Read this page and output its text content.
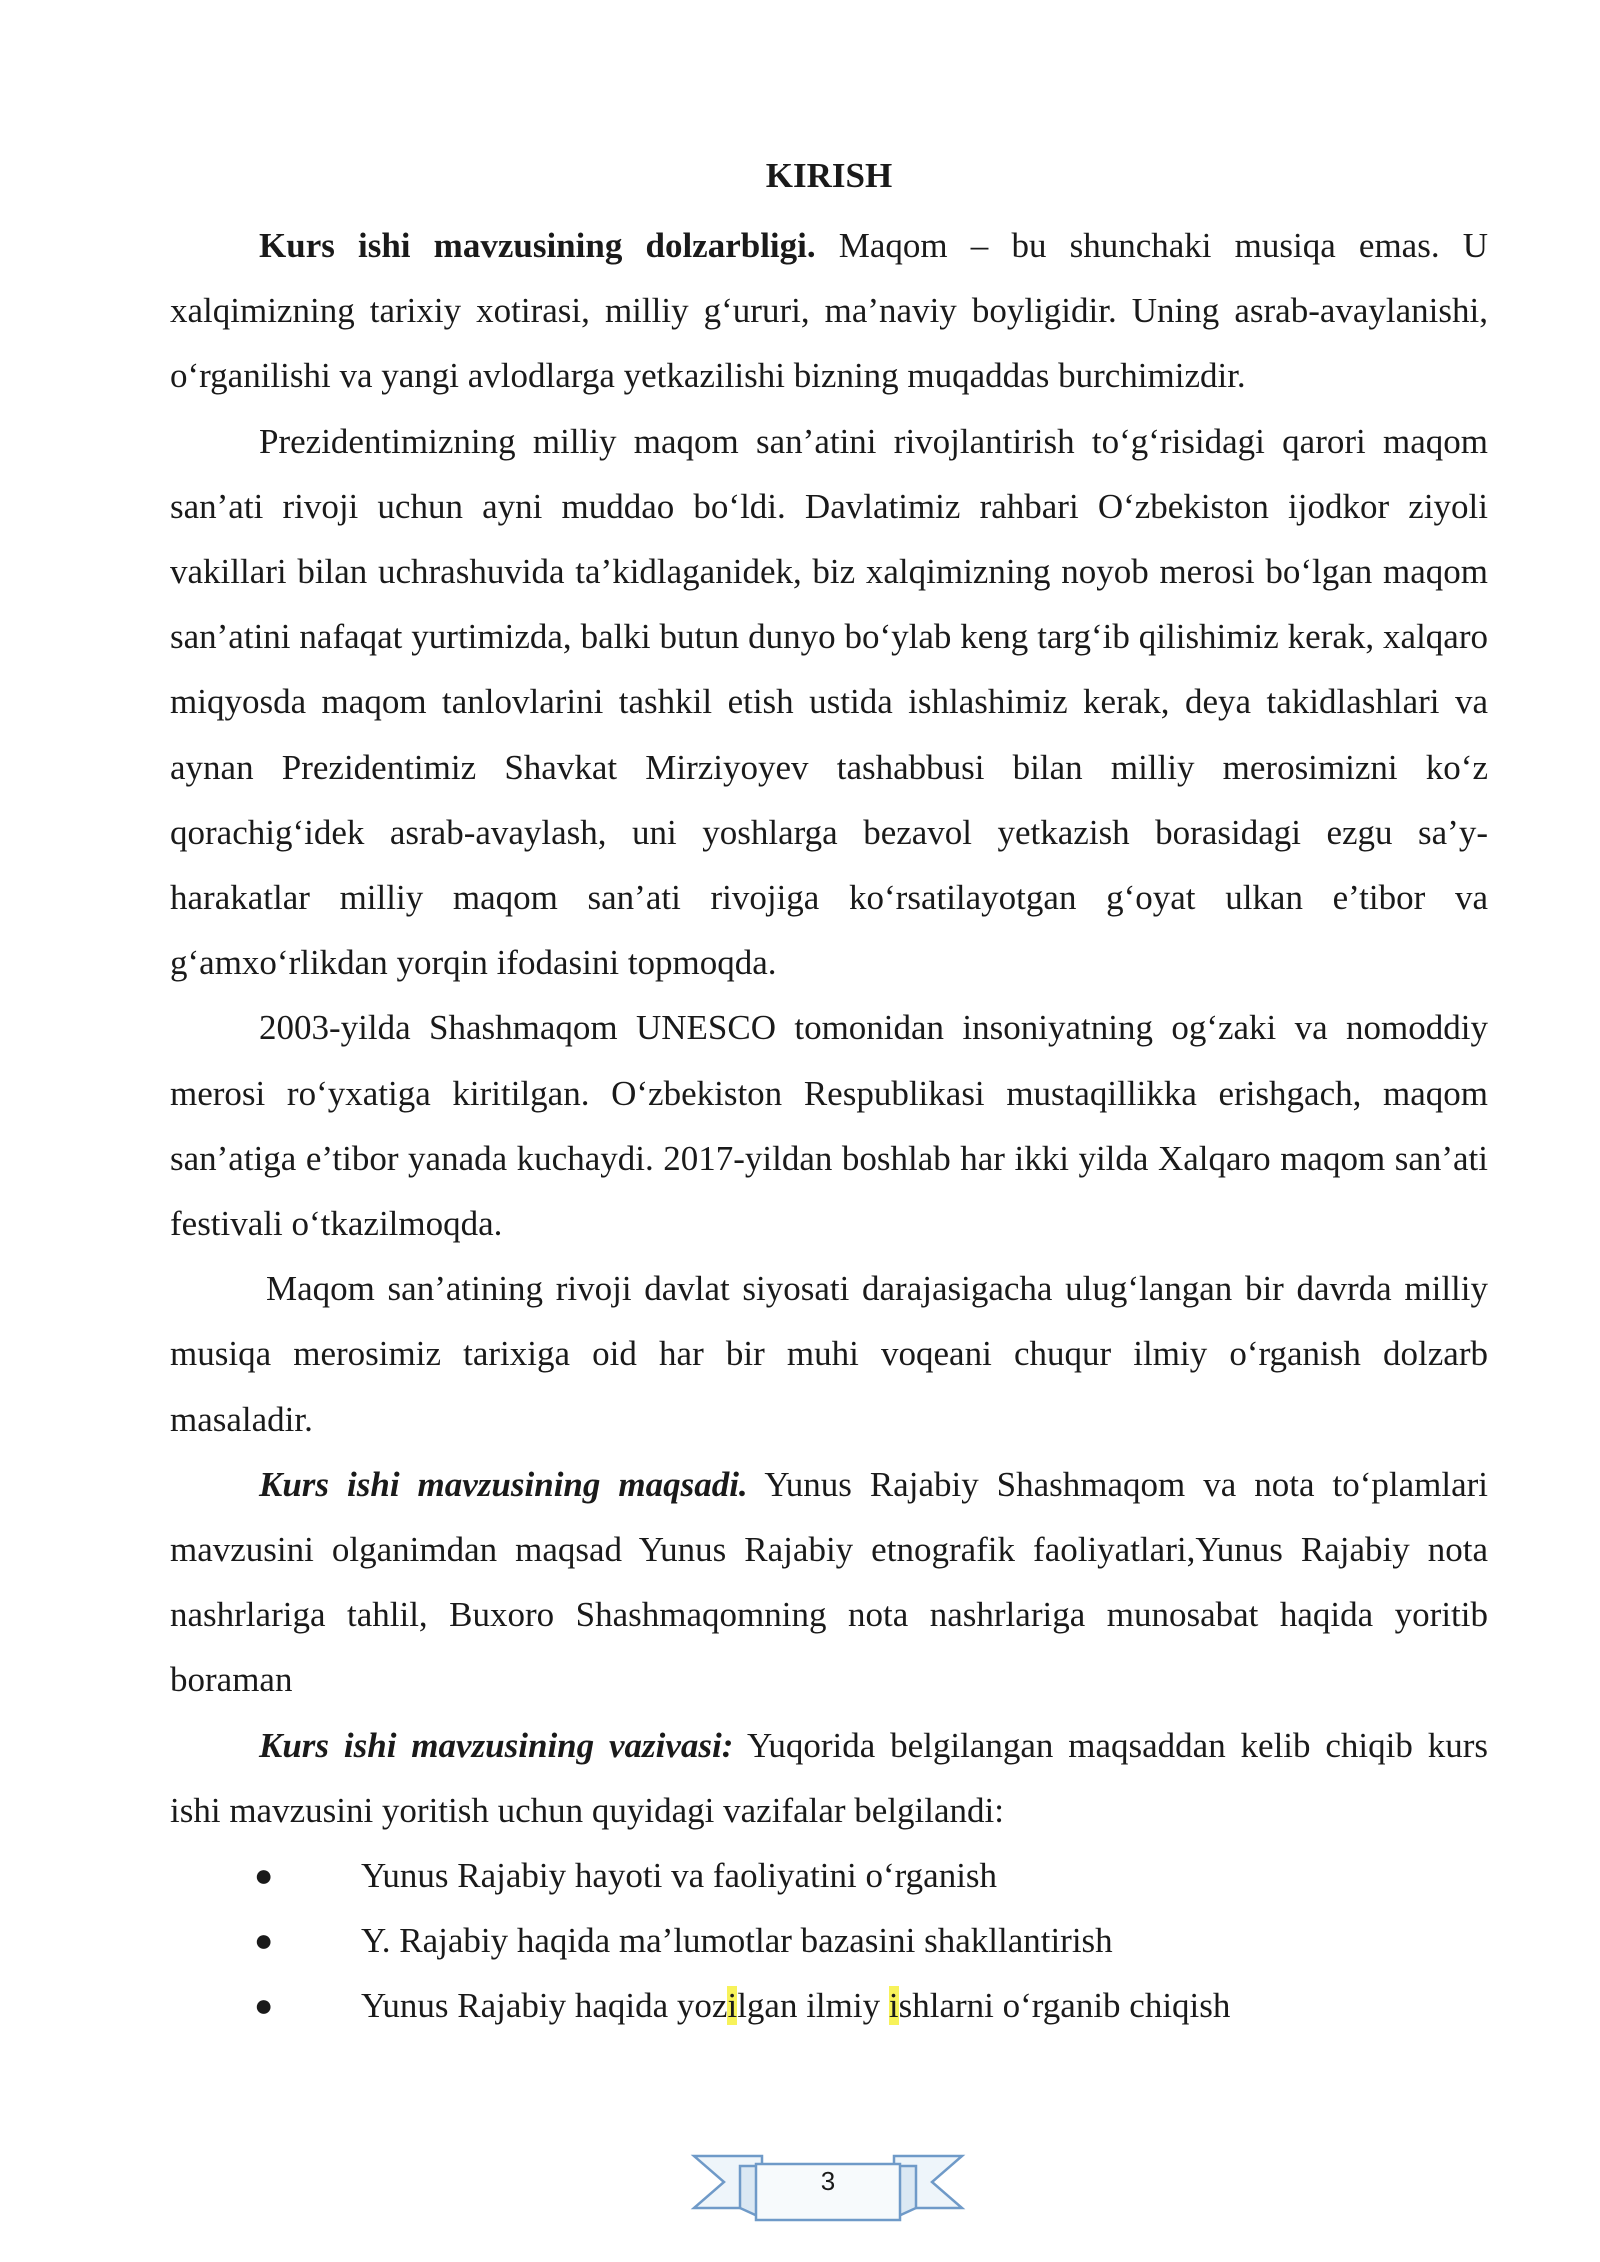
KIRISH

Kurs ishi mavzusining dolzarbligi. Maqom – bu shunchaki musiqa emas. U xalqimizning tarixiy xotirasi, milliy g‘ururi, ma’naviy boyligidir. Uning asrab-avaylanishi, o‘rganilishi va yangi avlodlarga yetkazilishi bizning muqaddas burchimizdir.

Prezidentimizning milliy maqom san’atini rivojlantirish to‘g‘risidagi qarori maqom san’ati rivoji uchun ayni muddao bo‘ldi. Davlatimiz rahbari O‘zbekiston ijodkor ziyoli vakillari bilan uchrashuvida ta’kidlaganidek, biz xalqimizning noyob merosi bo‘lgan maqom san’atini nafaqat yurtimizda, balki butun dunyo bo‘ylab keng targ‘ib qilishimiz kerak, xalqaro miqyosda maqom tanlovlarini tashkil etish ustida ishlashimiz kerak, deya takidlashlari va aynan Prezidentimiz Shavkat Mirziyoyev tashabbusi bilan milliy merosimizni ko‘z qorachig‘idek asrab-avaylash, uni yoshlarga bezavol yetkazish borasidagi ezgu sa’y-harakatlar milliy maqom san’ati rivojiga ko‘rsatilayotgan g‘oyat ulkan e’tibor va g‘amxo‘rlikdan yorqin ifodasini topmoqda.

2003-yilda Shashmaqom UNESCO tomonidan insoniyatning og‘zaki va nomoddiy merosi ro‘yxatiga kiritilgan. O‘zbekiston Respublikasi mustaqillikka erishgach, maqom san’atiga e’tibor yanada kuchaydi. 2017-yildan boshlab har ikki yilda Xalqaro maqom san’ati festivali o‘tkazilmoqda.

Maqom san’atining rivoji davlat siyosati darajasigacha ulug‘langan bir davrda milliy musiqa merosimiz tarixiga oid har bir muhi voqeani chuqur ilmiy o‘rganish dolzarb masaladir.

Kurs ishi mavzusining maqsadi. Yunus Rajabiy Shashmaqom va nota to‘plamlari mavzusini olganimdan maqsad Yunus Rajabiy etnografik faoliyatlari,Yunus Rajabiy nota nashrlariga tahlil, Buxoro Shashmaqomning nota nashrlariga munosabat haqida yoritib boraman

Kurs ishi mavzusining vazivasi: Yuqorida belgilangan maqsaddan kelib chiqib kurs ishi mavzusini yoritish uchun quyidagi vazifalar belgilandi:

●	Yunus Rajabiy hayoti va faoliyatini o‘rganish
●	Y. Rajabiy haqida ma’lumotlar bazasini shakllantirish
●	Yunus Rajabiy haqida yozilgan ilmiy ishlarni o‘rganib chiqish
3
